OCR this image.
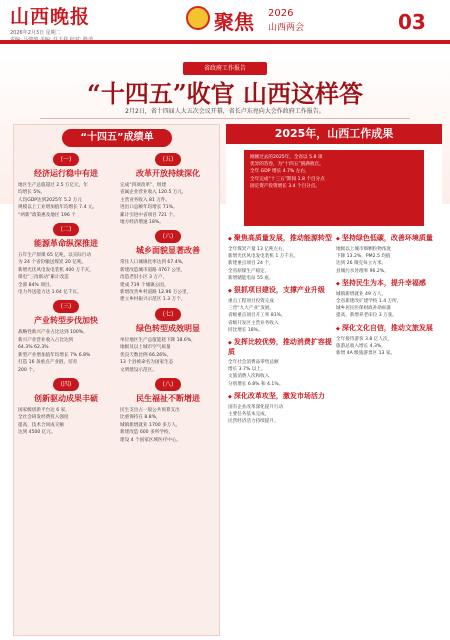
山西晚报
2026年2月3日 星期二	聚焦 2026
山西两会	03
省政府工作报告
“十四五”收官 山西这样答
2月2日，省十四届人大五次会议开幕，省长卢东亮向大会作政府工作报告。
“十四五”成绩单
(一)
经济运行稳中有进
地区生产总值超过 2.5 万亿元，年
均增长 5%。
人均GDP达到2025年 5.2 万元
规模以上工业增加值年均增长 7.4 元。
“两新”政策惠及地区 196 个
(二)
能源革命纵深推进
五年生产原煤 65 亿吨，以实际行动
为 24 个省份输送煤炭 20 亿吨。
新增光伏风电发电装机 400 万千瓦，
煤电“三改联动”累计改造
全部 84% 项目。
电力外送能力达 1.64 亿千瓦。
(三)
产业转型步伐加快
战略性新兴产业占比达到 100%，
新兴产业营业收入占比达到
64.3% 62.3%
新型产业增加值年均增长 7% 6.8%
打造 16 条重点产业链，培育
200 个。
(四)
创新驱动成果丰硕
国家级创新平台达 6 家，
全社会研发经费投入强度
提高，技术合同成交额
达到 4500 亿元。
(五)
改革开放持续深化
完成“四项改革”，组建
省属企业营业收入 120.5 万元，
主营业务收入 81 万件。
进出口总额年均增长 71%。
累计引进中省项目 721 个。
地方经济增速 18%。
(六)
城乡面貌显著改善
常住人口城镇化率达到 67.4%，
新建改造城市道路 4767 公里，
改造老旧小区 3 万户，
建成 719 个城镇公园。
新增改善乡村道路 12.96 万公里，
建立乡村振兴示范区 1.3 万个。
(七)
绿色转型成效明显
单位地区生产总值能耗下降 18.6%，
地级及以上城市空气质量
优良天数比例 66.26%。
13 个县被命名为国家生态
文明建设示范区。
(八)
民生福祉不断增进
民生支出占一般公共预算支出
比重保持在 8.8%，
城镇新增就业 1700 多万人，
新建改造 600 多所学校，
建设 4 个国家区域医疗中心。
2025年，山西工作成果
刚刚过去的2025年，全省以 5.8 项
优异的答卷，为“十四五”圆满收官。
全年 GDP 增长 4.7% 左右，
全年完成“十三五”期间 1.8 个百分点
固定资产投资增长 3.4 个百分点。
◆ 聚焦高质量发展，推动能源转型
全年煤炭产量 13 亿吨左右，
新增光伏风电发电装机 1 万千瓦。
新建重点项目 24 个，
全省原煤生产稳定。
新增储能电站 55 座。
◆ 狠抓项目建设，支撑产业升级
重点工程项目投资完成
三晋“九大产业”发展。
省级重点项目开工率 81%。
省级开发区主营业务收入
同比增长 18%。
◆ 发挥比较优势，推动消费扩容提质
全年社会消费品零售总额
增长 3.7% 以上。
文旅消费人次和收入
分别增长 6.8% 和 4.1%。
◆ 深化改革攻坚，激发市场活力
国有企业改革深化提升行动
主要任务基本完成。
民营经济活力持续提升。
◆ 坚持绿色低碳，改善环境质量
地级以上城市细颗粒物浓度
下降 13.2%，PM2.5 均值
达到 26 微克每立方米。
县城污水处理率 96.2%。
◆ 坚持民生为本，提升幸福感
城镇新增就业 49 万人，
全省新建改扩建学校 1.4 万所，
城乡居民医保财政补助标准
提高，新增养老床位 3 万张。
◆ 深化文化自信，推动文旅发展
全年接待游客 3.8 亿人次，
旅游总收入增长 4.3%，
新增 4A 级旅游景区 13 家。
